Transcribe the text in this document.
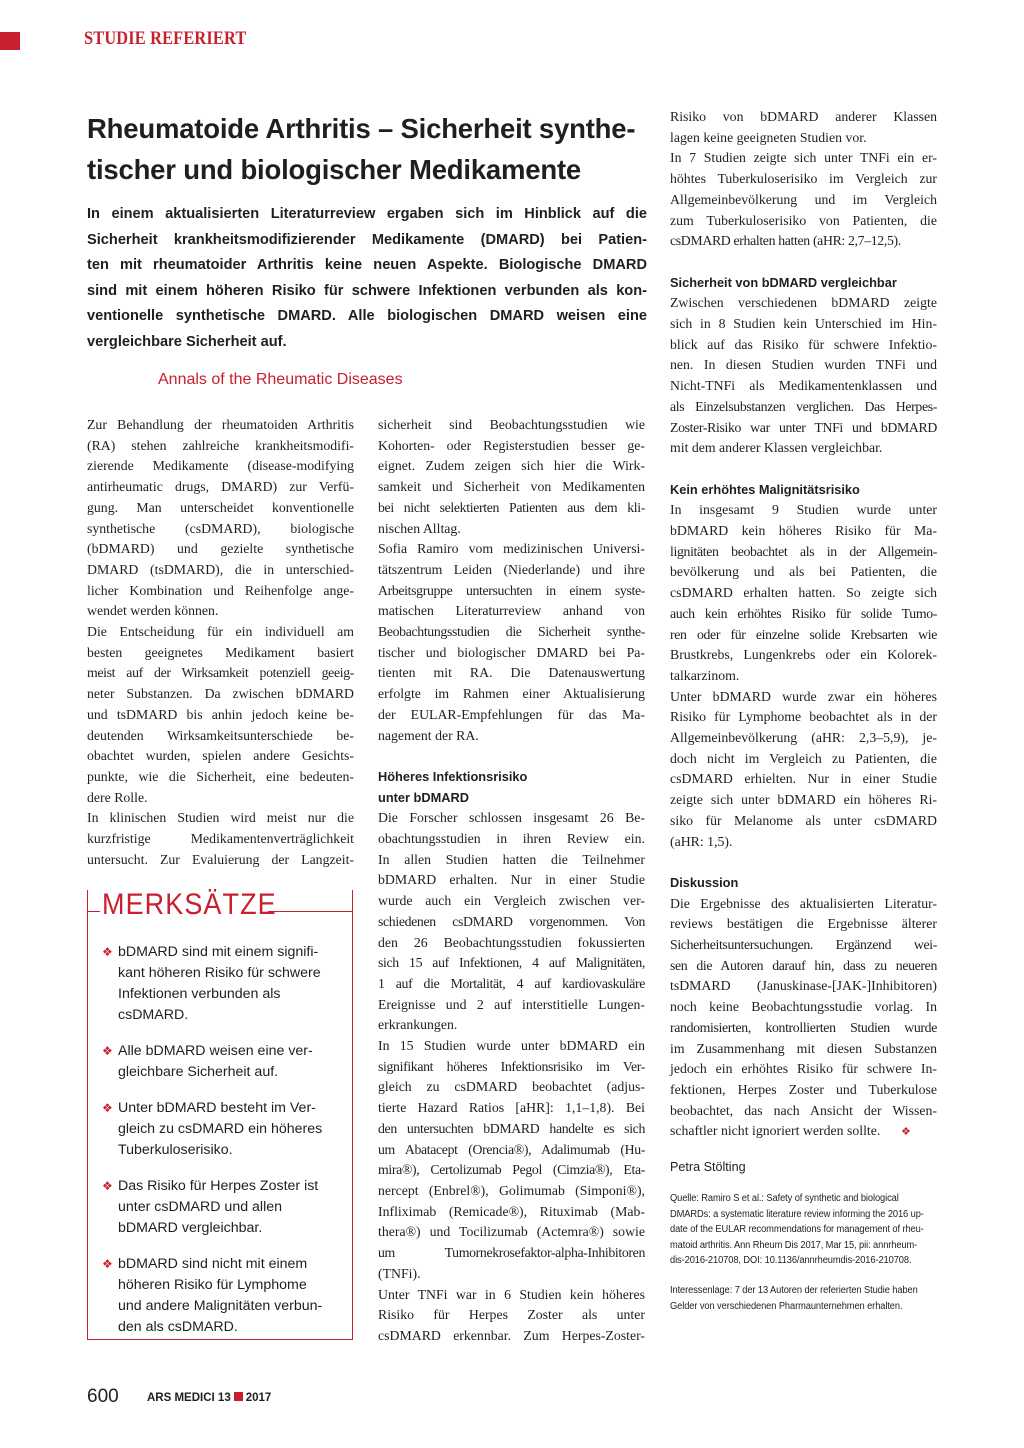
STUDIE REFERIERT
Rheumatoide Arthritis – Sicherheit synthe-
tischer und biologischer Medikamente
In einem aktualisierten Literaturreview ergaben sich im Hinblick auf die
Sicherheit krankheitsmodifizierender Medikamente (DMARD) bei Patien-
ten mit rheumatoider Arthritis keine neuen Aspekte. Biologische DMARD
sind mit einem höheren Risiko für schwere Infektionen verbunden als kon-
ventionelle synthetische DMARD. Alle biologischen DMARD weisen eine
vergleichbare Sicherheit auf.
Annals of the Rheumatic Diseases
Zur Behandlung der rheumatoiden Arthritis
(RA) stehen zahlreiche krankheitsmodifi-
zierende Medikamente (disease-modifying
antirheumatic drugs, DMARD) zur Verfü-
gung. Man unterscheidet konventionelle
synthetische (csDMARD), biologische
(bDMARD) und gezielte synthetische
DMARD (tsDMARD), die in unterschied-
licher Kombination und Reihenfolge ange-
wendet werden können.
Die Entscheidung für ein individuell am
besten geeignetes Medikament basiert
meist auf der Wirksamkeit potenziell geeig-
neter Substanzen. Da zwischen bDMARD
und tsDMARD bis anhin jedoch keine be-
deutenden Wirksamkeitsunterschiede be-
obachtet wurden, spielen andere Gesichts-
punkte, wie die Sicherheit, eine bedeuten-
dere Rolle.
In klinischen Studien wird meist nur die
kurzfristige Medikamentenverträglichkeit
untersucht. Zur Evaluierung der Langzeit-
MERKSÄTZE
❖ bDMARD sind mit einem signifi-
kant höheren Risiko für schwere
Infektionen verbunden als
csDMARD.
❖ Alle bDMARD weisen eine ver-
gleichbare Sicherheit auf.
❖ Unter bDMARD besteht im Ver-
gleich zu csDMARD ein höheres
Tuberkuloserisiko.
❖ Das Risiko für Herpes Zoster ist
unter csDMARD und allen
bDMARD vergleichbar.
❖ bDMARD sind nicht mit einem
höheren Risiko für Lymphome
und andere Malignitäten verbun-
den als csDMARD.
sicherheit sind Beobachtungsstudien wie
Kohorten- oder Registerstudien besser ge-
eignet. Zudem zeigen sich hier die Wirk-
samkeit und Sicherheit von Medikamenten
bei nicht selektierten Patienten aus dem kli-
nischen Alltag.
Sofia Ramiro vom medizinischen Universi-
tätszentrum Leiden (Niederlande) und ihre
Arbeitsgruppe untersuchten in einem syste-
matischen Literaturreview anhand von
Beobachtungsstudien die Sicherheit synthe-
tischer und biologischer DMARD bei Pa-
tienten mit RA. Die Datenauswertung
erfolgte im Rahmen einer Aktualisierung
der EULAR-Empfehlungen für das Ma-
nagement der RA.
Höheres Infektionsrisiko
unter bDMARD
Die Forscher schlossen insgesamt 26 Be-
obachtungsstudien in ihren Review ein.
In allen Studien hatten die Teilnehmer
bDMARD erhalten. Nur in einer Studie
wurde auch ein Vergleich zwischen ver-
schiedenen csDMARD vorgenommen. Von
den 26 Beobachtungsstudien fokussierten
sich 15 auf Infektionen, 4 auf Malignitäten,
1 auf die Mortalität, 4 auf kardiovaskuläre
Ereignisse und 2 auf interstitielle Lungen-
erkrankungen.
In 15 Studien wurde unter bDMARD ein
signifikant höheres Infektionsrisiko im Ver-
gleich zu csDMARD beobachtet (adjus-
tierte Hazard Ratios [aHR]: 1,1–1,8). Bei
den untersuchten bDMARD handelte es sich
um Abatacept (Orencia®), Adalimumab (Hu-
mira®), Certolizumab Pegol (Cimzia®), Eta-
nercept (Enbrel®), Golimumab (Simponi®),
Infliximab (Remicade®), Rituximab (Mab-
thera®) und Tocilizumab (Actemra®) sowie
um Tumornekrosefaktor-alpha-Inhibitoren
(TNFi).
Unter TNFi war in 6 Studien kein höheres
Risiko für Herpes Zoster als unter
csDMARD erkennbar. Zum Herpes-Zoster-
Risiko von bDMARD anderer Klassen
lagen keine geeigneten Studien vor.
In 7 Studien zeigte sich unter TNFi ein er-
höhtes Tuberkuloserisiko im Vergleich zur
Allgemeinbevölkerung und im Vergleich
zum Tuberkuloserisiko von Patienten, die
csDMARD erhalten hatten (aHR: 2,7–12,5).
Sicherheit von bDMARD vergleichbar
Zwischen verschiedenen bDMARD zeigte
sich in 8 Studien kein Unterschied im Hin-
blick auf das Risiko für schwere Infektio-
nen. In diesen Studien wurden TNFi und
Nicht-TNFi als Medikamentenklassen und
als Einzelsubstanzen verglichen. Das Herpes-
Zoster-Risiko war unter TNFi und bDMARD
mit dem anderer Klassen vergleichbar.
Kein erhöhtes Malignitätsrisiko
In insgesamt 9 Studien wurde unter
bDMARD kein höheres Risiko für Ma-
lignitäten beobachtet als in der Allgemein-
bevölkerung und als bei Patienten, die
csDMARD erhalten hatten. So zeigte sich
auch kein erhöhtes Risiko für solide Tumo-
ren oder für einzelne solide Krebsarten wie
Brustkrebs, Lungenkrebs oder ein Kolorek-
talkarzinom.
Unter bDMARD wurde zwar ein höheres
Risiko für Lymphome beobachtet als in der
Allgemeinbevölkerung (aHR: 2,3–5,9), je-
doch nicht im Vergleich zu Patienten, die
csDMARD erhielten. Nur in einer Studie
zeigte sich unter bDMARD ein höheres Ri-
siko für Melanome als unter csDMARD
(aHR: 1,5).
Diskussion
Die Ergebnisse des aktualisierten Literatur-
reviews bestätigen die Ergebnisse älterer
Sicherheitsuntersuchungen. Ergänzend wei-
sen die Autoren darauf hin, dass zu neueren
tsDMARD (Januskinase-[JAK-]Inhibitoren)
noch keine Beobachtungsstudie vorlag. In
randomisierten, kontrollierten Studien wurde
im Zusammenhang mit diesen Substanzen
jedoch ein erhöhtes Risiko für schwere In-
fektionen, Herpes Zoster und Tuberkulose
beobachtet, das nach Ansicht der Wissen-
schaftler nicht ignoriert werden sollte. ❖
Petra Stölting
Quelle: Ramiro S et al.: Safety of synthetic and biological
DMARDs: a systematic literature review informing the 2016 up-
date of the EULAR recommendations for management of rheu-
matoid arthritis. Ann Rheum Dis 2017, Mar 15, pii: annrheum-
dis-2016-210708, DOI: 10.1136/annrheumdis-2016-210708.
Interessenlage: 7 der 13 Autoren der referierten Studie haben
Gelder von verschiedenen Pharmaunternehmen erhalten.
600 ARS MEDICI 13 2017
